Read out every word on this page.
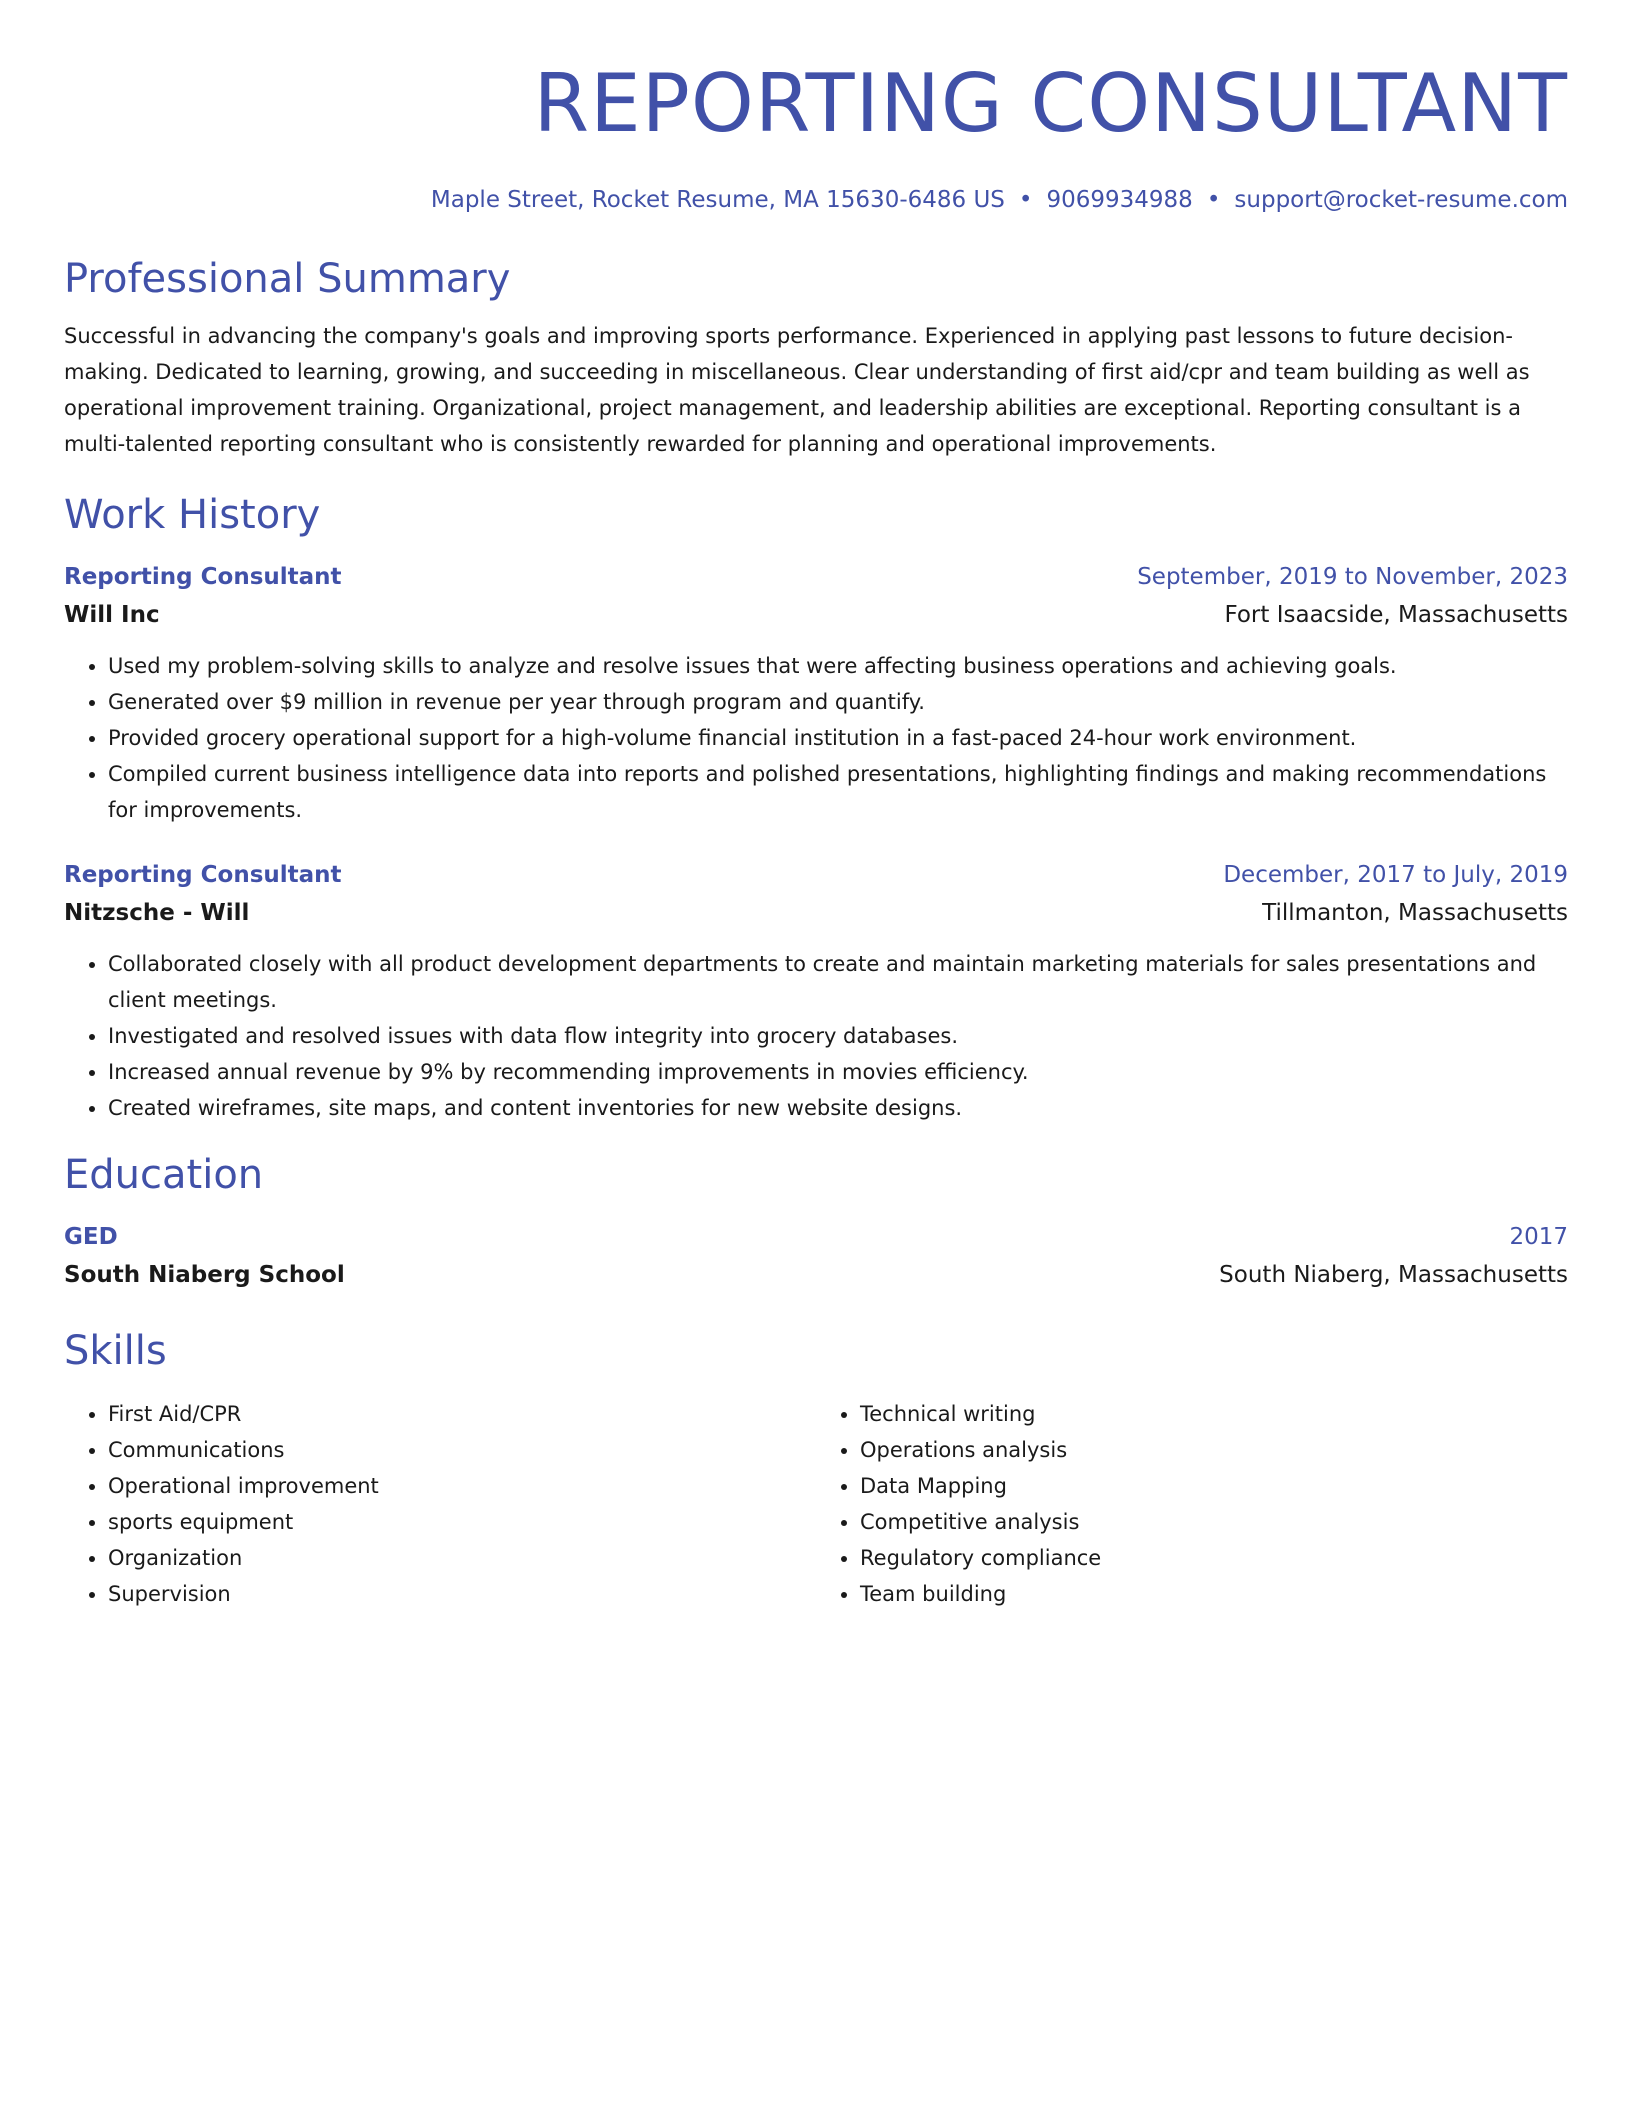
REPORTING CONSULTANT
Maple Street, Rocket Resume, MA 15630-6486 US • 9069934988 • support@rocket-resume.com
Professional Summary
Successful in advancing the company's goals and improving sports performance. Experienced in applying past lessons to future decision-making. Dedicated to learning, growing, and succeeding in miscellaneous. Clear understanding of first aid/cpr and team building as well as operational improvement training. Organizational, project management, and leadership abilities are exceptional. Reporting consultant is a multi-talented reporting consultant who is consistently rewarded for planning and operational improvements.
Work History
Reporting Consultant	September, 2019 to November, 2023
Will Inc	Fort Isaacside, Massachusetts
• Used my problem-solving skills to analyze and resolve issues that were affecting business operations and achieving goals.
• Generated over $9 million in revenue per year through program and quantify.
• Provided grocery operational support for a high-volume financial institution in a fast-paced 24-hour work environment.
• Compiled current business intelligence data into reports and polished presentations, highlighting findings and making recommendations for improvements.
Reporting Consultant	December, 2017 to July, 2019
Nitzsche - Will	Tillmanton, Massachusetts
• Collaborated closely with all product development departments to create and maintain marketing materials for sales presentations and client meetings.
• Investigated and resolved issues with data flow integrity into grocery databases.
• Increased annual revenue by 9% by recommending improvements in movies efficiency.
• Created wireframes, site maps, and content inventories for new website designs.
Education
GED	2017
South Niaberg School	South Niaberg, Massachusetts
Skills
• First Aid/CPR
• Communications
• Operational improvement
• sports equipment
• Organization
• Supervision
• Technical writing
• Operations analysis
• Data Mapping
• Competitive analysis
• Regulatory compliance
• Team building
